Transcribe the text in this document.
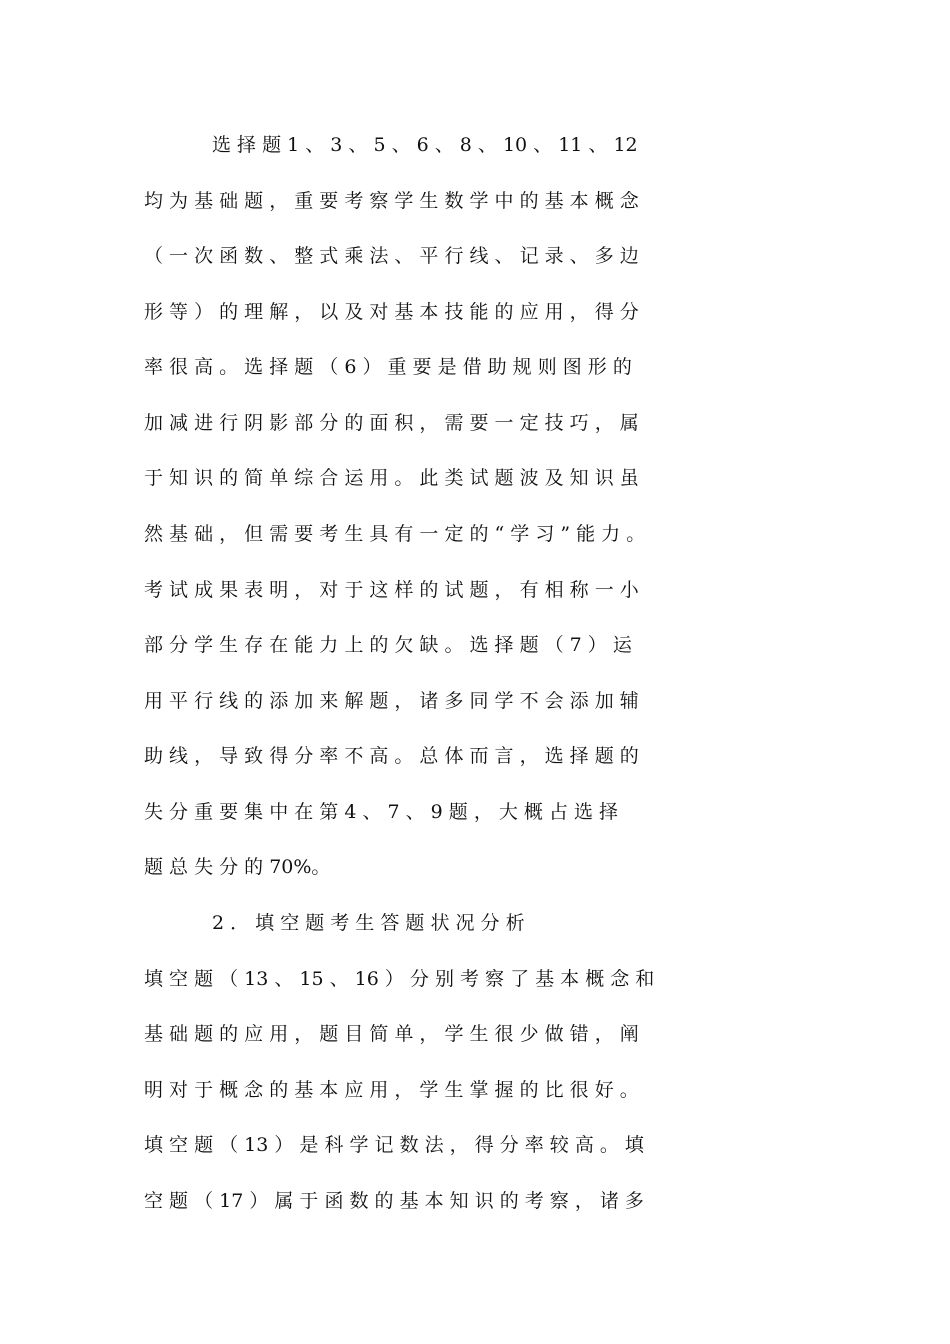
选 择 题 1 、 3 、 5 、 6 、 8 、 10 、 11 、 12
均 为 基 础 题 ， 重 要 考 察 学 生 数 学 中 的 基 本 概 念
（ 一 次 函 数 、 整 式 乘 法 、 平 行 线 、 记 录 、 多 边
形 等 ） 的 理 解 ， 以 及 对 基 本 技 能 的 应 用 ， 得 分
率 很 高 。 选 择 题 （ 6 ） 重 要 是 借 助 规 则 图 形 的
加 减 进 行 阴 影 部 分 的 面 积 ， 需 要 一 定 技 巧 ， 属
于 知 识 的 简 单 综 合 运 用 。 此 类 试 题 波 及 知 识 虽
然 基 础 ， 但 需 要 考 生 具 有 一 定 的 “ 学 习 ” 能 力 。
考 试 成 果 表 明 ， 对 于 这 样 的 试 题 ， 有 相 称 一 小
部 分 学 生 存 在 能 力 上 的 欠 缺 。 选 择 题 （ 7 ） 运
用 平 行 线 的 添 加 来 解 题 ， 诸 多 同 学 不 会 添 加 辅
助 线 ， 导 致 得 分 率 不 高 。 总 体 而 言 ， 选 择 题 的
失 分 重 要 集 中 在 第 4 、 7 、 9 题 ， 大 概 占 选 择
题 总 失 分 的 70%。
2 ． 填 空 题 考 生 答 题 状 况 分 析
填 空 题 （ 13 、 15 、 16 ） 分 别 考 察 了 基 本 概 念 和
基 础 题 的 应 用 ， 题 目 简 单 ， 学 生 很 少 做 错 ， 阐
明 对 于 概 念 的 基 本 应 用 ， 学 生 掌 握 的 比 很 好 。
填 空 题 （ 13 ） 是 科 学 记 数 法 ， 得 分 率 较 高 。 填
空 题 （ 17 ） 属 于 函 数 的 基 本 知 识 的 考 察 ， 诸 多
